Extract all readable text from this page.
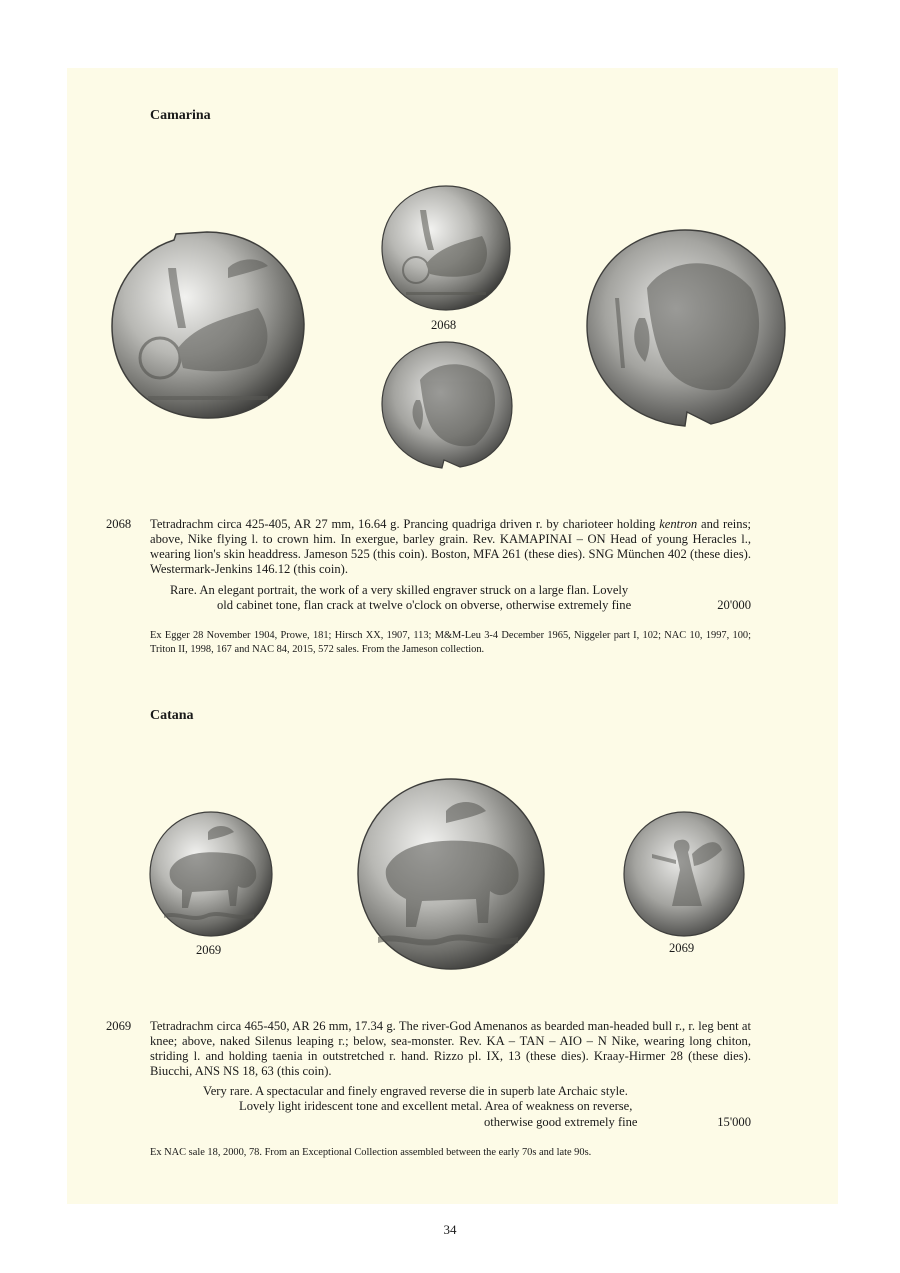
Camarina
2068
2068 Tetradrachm circa 425-405, AR 27 mm, 16.64 g. Prancing quadriga driven r. by charioteer holding kentron and reins; above, Nike flying l. to crown him. In exergue, barley grain. Rev. KAMAPINAI – ON Head of young Heracles l., wearing lion's skin headdress. Jameson 525 (this coin). Boston, MFA 261 (these dies). SNG München 402 (these dies). Westermark-Jenkins 146.12 (this coin).

Rare. An elegant portrait, the work of a very skilled engraver struck on a large flan. Lovely
old cabinet tone, flan crack at twelve o'clock on obverse, otherwise extremely fine	20'000
Ex Egger 28 November 1904, Prowe, 181; Hirsch XX, 1907, 113; M&M-Leu 3-4 December 1965, Niggeler part I, 102; NAC 10, 1997, 100; Triton II, 1998, 167 and NAC 84, 2015, 572 sales. From the Jameson collection.
Catana
2069	2069
2069 Tetradrachm circa 465-450, AR 26 mm, 17.34 g. The river-God Amenanos as bearded man-headed bull r., r. leg bent at knee; above, naked Silenus leaping r.; below, sea-monster. Rev. KA – TAN – AIO – N Nike, wearing long chiton, striding l. and holding taenia in outstretched r. hand. Rizzo pl. IX, 13 (these dies). Kraay-Hirmer 28 (these dies). Biucchi, ANS NS 18, 63 (this coin).

Very rare. A spectacular and finely engraved reverse die in superb late Archaic style.
Lovely light iridescent tone and excellent metal. Area of weakness on reverse,
otherwise good extremely fine	15'000
Ex NAC sale 18, 2000, 78. From an Exceptional Collection assembled between the early 70s and late 90s.
34
